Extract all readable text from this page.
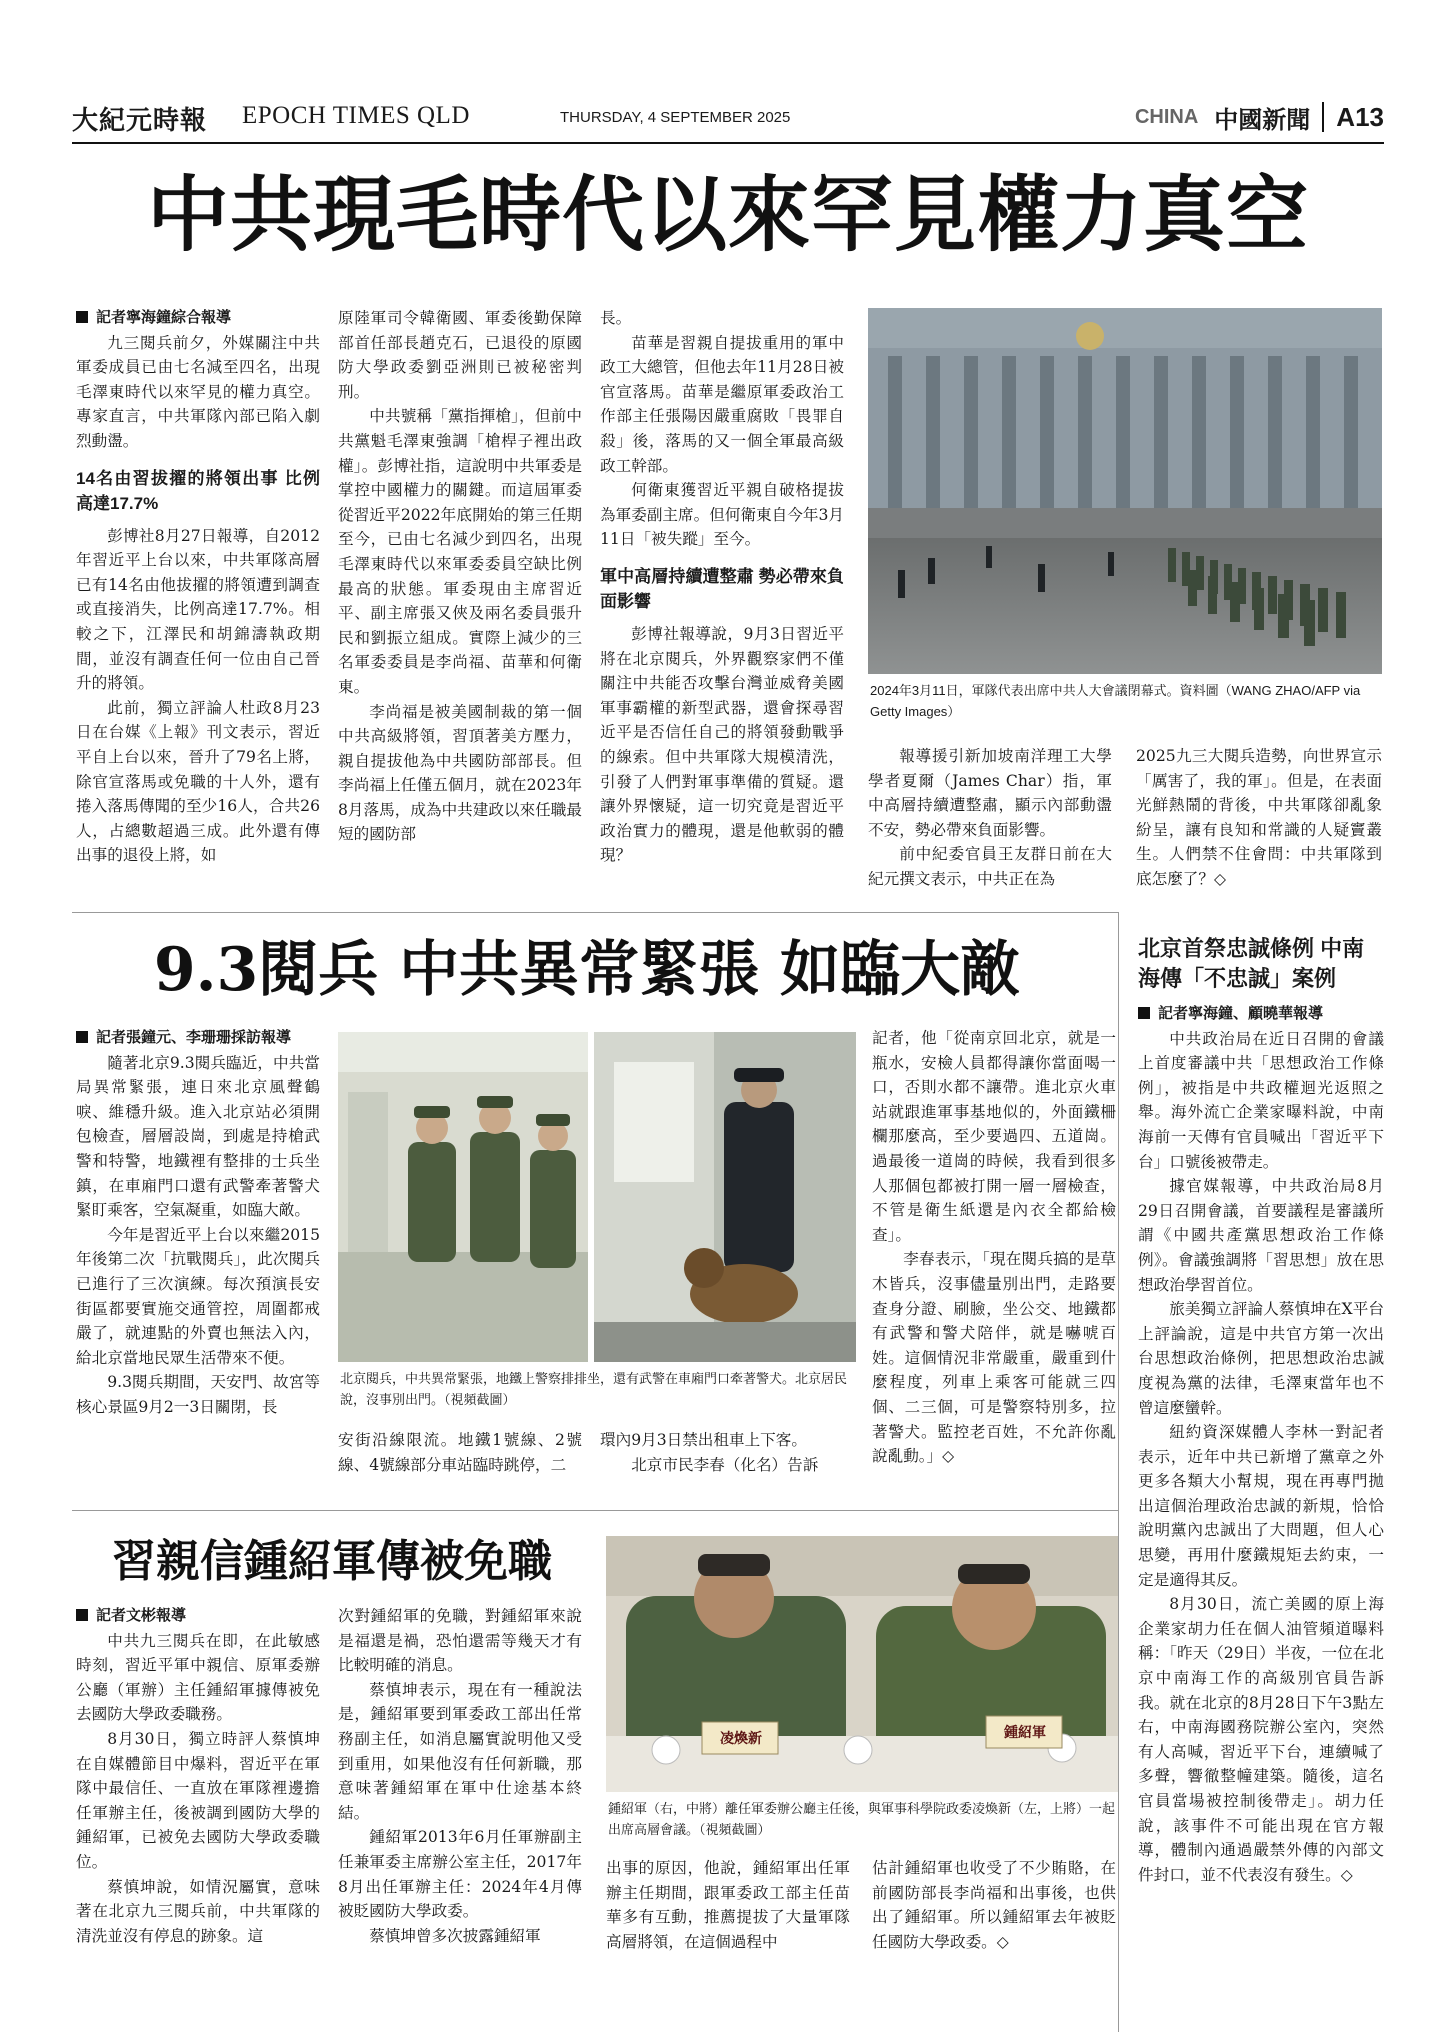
大紀元時報 EPOCH TIMES QLD	THURSDAY, 4 SEPTEMBER 2025	CHINA 中國新聞 A13
中共現毛時代以來罕見權力真空

記者寧海鐘綜合報導

九三閱兵前夕，外媒關注中共軍委成員已由七名減至四名，出現毛澤東時代以來罕見的權力真空。專家直言，中共軍隊內部已陷入劇烈動盪。

14名由習拔擢的將領出事 比例高達17.7%

彭博社8月27日報導，自2012年習近平上台以來，中共軍隊高層已有14名由他拔擢的將領遭到調查或直接消失，比例高達17.7%。相較之下，江澤民和胡錦濤執政期間，並沒有調查任何一位由自己晉升的將領。

此前，獨立評論人杜政8月23日在台媒《上報》刊文表示，習近平自上台以來，晉升了79名上將，除官宣落馬或免職的十人外，還有捲入落馬傳聞的至少16人，合共26人，占總數超過三成。此外還有傳出事的退役上將，如

原陸軍司令韓衛國、軍委後勤保障部首任部長趙克石，已退役的原國防大學政委劉亞洲則已被秘密判刑。

中共號稱「黨指揮槍」，但前中共黨魁毛澤東強調「槍桿子裡出政權」。彭博社指，這說明中共軍委是掌控中國權力的關鍵。而這屆軍委從習近平2022年底開始的第三任期至今，已由七名減少到四名，出現毛澤東時代以來軍委委員空缺比例最高的狀態。軍委現由主席習近平、副主席張又俠及兩名委員張升民和劉振立組成。實際上減少的三名軍委委員是李尚福、苗華和何衛東。

李尚福是被美國制裁的第一個中共高級將領，習頂著美方壓力，親自提拔他為中共國防部部長。但李尚福上任僅五個月，就在2023年8月落馬，成為中共建政以來任職最短的國防部

長。

苗華是習親自提拔重用的軍中政工大總管，但他去年11月28日被官宣落馬。苗華是繼原軍委政治工作部主任張陽因嚴重腐敗「畏罪自殺」後，落馬的又一個全軍最高級政工幹部。

何衛東獲習近平親自破格提拔為軍委副主席。但何衛東自今年3月11日「被失蹤」至今。

軍中高層持續遭整肅 勢必帶來負面影響

彭博社報導說，9月3日習近平將在北京閱兵，外界觀察家們不僅關注中共能否攻擊台灣並威脅美國軍事霸權的新型武器，還會探尋習近平是否信任自己的將領發動戰爭的線索。但中共軍隊大規模清洗，引發了人們對軍事準備的質疑。還讓外界懷疑，這一切究竟是習近平政治實力的體現，還是他軟弱的體現？

2024年3月11日，軍隊代表出席中共人大會議閉幕式。資料圖（WANG ZHAO/AFP via Getty Images）

報導援引新加坡南洋理工大學學者夏爾（James Char）指，軍中高層持續遭整肅，顯示內部動盪不安，勢必帶來負面影響。

前中紀委官員王友群日前在大紀元撰文表示，中共正在為

2025九三大閱兵造勢，向世界宣示「厲害了，我的軍」。但是，在表面光鮮熱鬧的背後，中共軍隊卻亂象紛呈，讓有良知和常識的人疑竇叢生。人們禁不住會問：中共軍隊到底怎麼了？◇

9.3閱兵 中共異常緊張 如臨大敵

記者張鐘元、李珊珊採訪報導

隨著北京9.3閱兵臨近，中共當局異常緊張，連日來北京風聲鶴唳、維穩升級。進入北京站必須開包檢查，層層設崗，到處是持槍武警和特警，地鐵裡有整排的士兵坐鎮，在車廂門口還有武警牽著警犬緊盯乘客，空氣凝重，如臨大敵。

今年是習近平上台以來繼2015年後第二次「抗戰閱兵」，此次閱兵已進行了三次演練。每次預演長安街區都要實施交通管控，周圍都戒嚴了，就連點的外賣也無法入內，給北京當地民眾生活帶來不便。

9.3閱兵期間，天安門、故宮等核心景區9月2一3日關閉，長

北京閱兵，中共異常緊張，地鐵上警察排排坐，還有武警在車廂門口牽著警犬。北京居民說，沒事別出門。（視頻截圖）

安街沿線限流。地鐵1號線、2號線、4號線部分車站臨時跳停，二

環內9月3日禁出租車上下客。

北京市民李春（化名）告訴

記者，他「從南京回北京，就是一瓶水，安檢人員都得讓你當面喝一口，否則水都不讓帶。進北京火車站就跟進軍事基地似的，外面鐵柵欄那麼高，至少要過四、五道崗。過最後一道崗的時候，我看到很多人那個包都被打開一層一層檢查，不管是衛生紙還是內衣全都給檢查」。

李春表示，「現在閱兵搞的是草木皆兵，沒事儘量別出門，走路要查身分證、刷臉，坐公交、地鐵都有武警和警犬陪伴，就是嚇唬百姓。這個情況非常嚴重，嚴重到什麼程度，列車上乘客可能就三四個、二三個，可是警察特別多，拉著警犬。監控老百姓，不允許你亂說亂動。」◇

北京首祭忠誠條例 中南海傳「不忠誠」案例

記者寧海鐘、顧曉華報導

中共政治局在近日召開的會議上首度審議中共「思想政治工作條例」，被指是中共政權迴光返照之舉。海外流亡企業家曝料說，中南海前一天傳有官員喊出「習近平下台」口號後被帶走。

據官媒報導，中共政治局8月29日召開會議，首要議程是審議所謂《中國共產黨思想政治工作條例》。會議強調將「習思想」放在思想政治學習首位。

旅美獨立評論人蔡慎坤在X平台上評論說，這是中共官方第一次出台思想政治條例，把思想政治忠誠度視為黨的法律，毛澤東當年也不曾這麼蠻幹。

紐約資深媒體人李林一對記者表示，近年中共已新增了黨章之外更多各類大小幫規，現在再專門拋出這個治理政治忠誠的新規，恰恰說明黨內忠誠出了大問題，但人心思變，再用什麼鐵規矩去約束，一定是適得其反。

8月30日，流亡美國的原上海企業家胡力任在個人油管頻道曝料稱：「昨天（29日）半夜，一位在北京中南海工作的高級別官員告訴我。就在北京的8月28日下午3點左右，中南海國務院辦公室內，突然有人高喊，習近平下台，連續喊了多聲，響徹整幢建築。隨後，這名官員當場被控制後帶走」。胡力任說，該事件不可能出現在官方報導，體制內通過嚴禁外傳的內部文件封口，並不代表沒有發生。◇

習親信鍾紹軍傳被免職

記者文彬報導

中共九三閱兵在即，在此敏感時刻，習近平軍中親信、原軍委辦公廳（軍辦）主任鍾紹軍據傳被免去國防大學政委職務。

8月30日，獨立時評人蔡慎坤在自媒體節目中爆料，習近平在軍隊中最信任、一直放在軍隊裡邊擔任軍辦主任，後被調到國防大學的鍾紹軍，已被免去國防大學政委職位。

蔡慎坤說，如情況屬實，意味著在北京九三閱兵前，中共軍隊的清洗並沒有停息的跡象。這

次對鍾紹軍的免職，對鍾紹軍來說是福還是禍，恐怕還需等幾天才有比較明確的消息。

蔡慎坤表示，現在有一種說法是，鍾紹軍要到軍委政工部出任常務副主任，如消息屬實說明他又受到重用，如果他沒有任何新職，那意味著鍾紹軍在軍中仕途基本終結。

鍾紹軍2013年6月任軍辦副主任兼軍委主席辦公室主任，2017年8月出任軍辦主任：2024年4月傳被貶國防大學政委。

蔡慎坤曾多次披露鍾紹軍

凌煥新	鍾紹軍
鍾紹軍（右，中將）離任軍委辦公廳主任後，與軍事科學院政委凌煥新（左，上將）一起出席高層會議。（視頻截圖）

出事的原因，他說，鍾紹軍出任軍辦主任期間，跟軍委政工部主任苗華多有互動，推薦提拔了大量軍隊高層將領，在這個過程中

估計鍾紹軍也收受了不少賄賂，在前國防部長李尚福和出事後，也供出了鍾紹軍。所以鍾紹軍去年被貶任國防大學政委。◇
